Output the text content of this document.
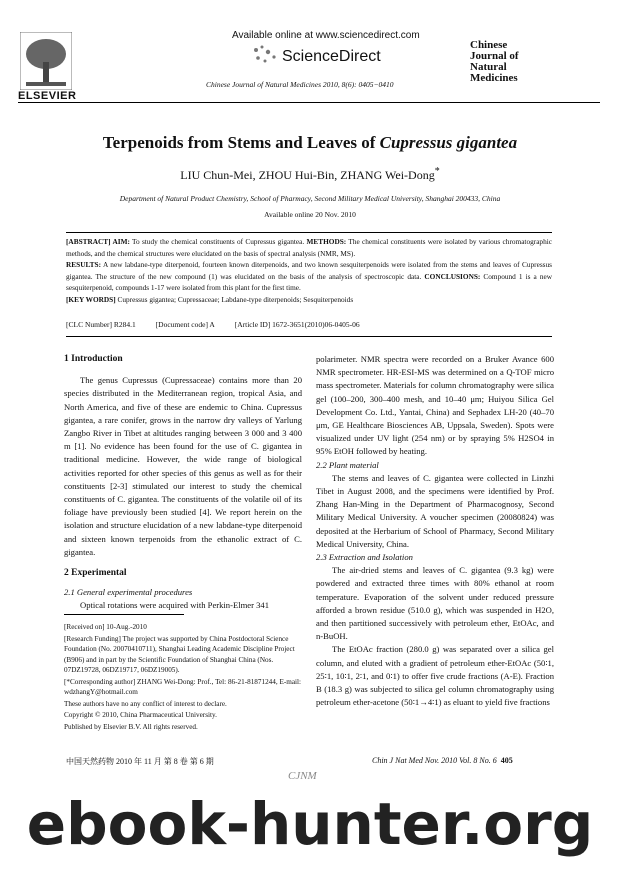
ELSEVIER
Available online at www.sciencedirect.com
ScienceDirect
Chinese Journal of Natural Medicines 2010, 8(6): 0405−0410
Chinese
Journal of
Natural
Medicines
Terpenoids from Stems and Leaves of Cupressus gigantea
LIU Chun-Mei, ZHOU Hui-Bin, ZHANG Wei-Dong*
Department of Natural Product Chemistry, School of Pharmacy, Second Military Medical University, Shanghai 200433, China
Available online 20 Nov. 2010
[ABSTRACT] AIM: To study the chemical constituents of Cupressus gigantea. METHODS: The chemical constituents were isolated by various chromatographic methods, and the chemical structures were elucidated on the basis of spectral analysis (NMR, MS).
RESULTS: A new labdane-type diterpenoid, fourteen known diterpenoids, and two known sesquiterpenoids were isolated from the stems and leaves of Cupressus gigantea. The structure of the new compound (1) was elucidated on the basis of the analysis of spectroscopic data. CONCLUSIONS: Compound 1 is a new sesquiterpenoid, compounds 1-17 were isolated from this plant for the first time.
[KEY WORDS] Cupressus gigantea; Cupressaceae; Labdane-type diterpenoids; Sesquiterpenoids
[CLC Number] R284.1	[Document code] A	[Article ID] 1672-3651(2010)06-0405-06
1 Introduction

The genus Cupressus (Cupressaceae) contains more than 20 species distributed in the Mediterranean region, tropical Asia, and North America, and five of these are endemic to China. Cupressus gigantea, a rare conifer, grows in the narrow dry valleys of Yarlung Zangbo River in Tibet at altitudes ranging between 3 000 and 3 400 m [1]. No evidence has been found for the use of C. gigantea in traditional medicine. However, the wide range of biological activities reported for other species of this genus as well as for their constituents [2-3] stimulated our interest to study the chemical constituents of C. gigantea. The constituents of the volatile oil of its foliage have previously been studied [4]. We report herein on the isolation and structure elucidation of a new labdane-type diterpenoid and sixteen known terpenoids from the ethanolic extract of C. gigantea.

2 Experimental
2.1 General experimental procedures

Optical rotations were acquired with Perkin-Elmer 341

[Received on] 10-Aug.-2010
[Research Funding] The project was supported by China Postdoctoral Science Foundation (No. 20070410711), Shanghai Leading Academic Discipline Project (B906) and in part by the Scientific Foundation of Shanghai China (Nos. 07DZ19728, 06DZ19717, 06DZ19005).
[*Corresponding author] ZHANG Wei-Dong: Prof., Tel: 86-21-81871244, E-mail: wdzhangY@hotmail.com
These authors have no any conflict of interest to declare.
Copyright © 2010, China Pharmaceutical University.
Published by Elsevier B.V. All rights reserved.

polarimeter. NMR spectra were recorded on a Bruker Avance 600 NMR spectrometer. HR-ESI-MS was determined on a Q-TOF micro mass spectrometer. Materials for column chromatography were silica gel (100–200, 300–400 mesh, and 10–40 μm; Huiyou Silica Gel Development Co. Ltd., Yantai, China) and Sephadex LH-20 (40–70 μm, GE Healthcare Biosciences AB, Uppsala, Sweden). Spots were visualized under UV light (254 nm) or by spraying 5% H2SO4 in 95% EtOH followed by heating.

2.2 Plant material

The stems and leaves of C. gigantea were collected in Linzhi Tibet in August 2008, and the specimens were identified by Prof. Zhang Han-Ming in the Department of Pharmacognosy, Second Military Medical University. A voucher specimen (20080824) was deposited at the Herbarium of School of Pharmacy, Second Military Medical University, China.

2.3 Extraction and Isolation

The air-dried stems and leaves of C. gigantea (9.3 kg) were powdered and extracted three times with 80% ethanol at room temperature. Evaporation of the solvent under reduced pressure afforded a brown residue (510.0 g), which was suspended in H2O, and then partitioned successively with petroleum ether, EtOAc, and n-BuOH.

The EtOAc fraction (280.0 g) was separated over a silica gel column, and eluted with a gradient of petroleum ether-EtOAc (50∶1, 25∶1, 10∶1, 2∶1, and 0∶1) to offer five crude fractions (A-E). Fraction B (18.3 g) was subjected to silica gel column chromatography using petroleum ether-acetone (50∶1→4∶1) as eluant to yield five fractions

中国天然药物 2010 年 11 月 第 8 卷 第 6 期	Chin J Nat Med Nov. 2010 Vol. 8 No. 6 405
CJNM
ebook-hunter.org
